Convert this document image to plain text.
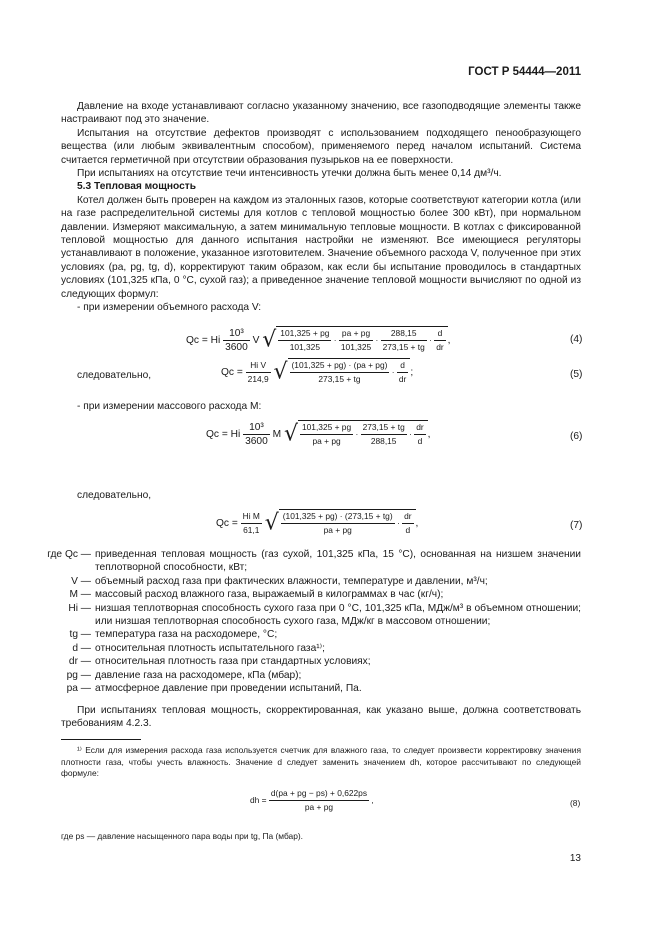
ГОСТ Р 54444—2011

Давление на входе устанавливают согласно указанному значению, все газоподводящие элементы также настраивают под это значение.

Испытания на отсутствие дефектов производят с использованием подходящего пенообразующего вещества (или любым эквивалентным способом), применяемого перед началом испытаний. Система считается герметичной при отсутствии образования пузырьков на ее поверхности.

При испытаниях на отсутствие течи интенсивность утечки должна быть менее 0,14 дм³/ч.

5.3 Тепловая мощность

Котел должен быть проверен на каждом из эталонных газов, которые соответствуют категории котла (или на газе распределительной системы для котлов с тепловой мощностью более 300 кВт), при нормальном давлении. Измеряют максимальную, а затем минимальную тепловые мощности. В котлах с фиксированной тепловой мощностью для данного испытания настройки не изменяют. Все имеющиеся регуляторы устанавливают в положение, указанное изготовителем. Значение объемного расхода V, полученное при этих условиях (pa, pg, tg, d), корректируют таким образом, как если бы испытание проводилось в стандартных условиях (101,325 кПа, 0 °С, сухой газ); а приведенное значение тепловой мощности вычисляют по одной из следующих формул:

- при измерении объемного расхода V:

Qc = Hi $\frac{\text{10³}}{3600}$ V √ $\frac{101,325 + pg}{101,325} \cdot \frac{pa + pg}{101,325} \cdot \frac{288,15}{273,15 + tg} \cdot \frac{d}{dr}$ ,	(4)
следовательно,	$Qc = \frac{\text{Hi V}}{214,9}$ √ $\frac{(101,325 + pg) \cdot (pa + pg)}{273,15 + tg} \cdot \frac{d}{dr}$ ;	(5)
- при измерении массового расхода M:
Qc = Hi $\frac{\text{10³}}{3600}$ M √ $\frac{101,325 + pg}{pa + pg} \cdot \frac{273,15 + tg}{288,15} \cdot \frac{dr}{d}$ ,	(6)
следовательно,
$Qc = \frac{\text{Hi M}}{61,1}$ √ $\frac{(101,325 + pg) \cdot (273,15 + tg)}{pa + pg} \cdot \frac{dr}{d}$ ,	(7)
где Qc — приведенная тепловая мощность (газ сухой, 101,325 кПа, 15 °С), основанная на низшем значении теплотворной способности, кВт;
V — объемный расход газа при фактических влажности, температуре и давлении, м³/ч;
M — массовый расход влажного газа, выражаемый в килограммах в час (кг/ч);
Hi — низшая теплотворная способность сухого газа при 0 °С, 101,325 кПа, МДж/м³ в объемном отношении; или низшая теплотворная способность сухого газа, МДж/кг в массовом отношении;
tg — температура газа на расходомере, °С;
d — относительная плотность испытательного газа¹⁾;
dr — относительная плотность газа при стандартных условиях;
pg — давление газа на расходомере, кПа (мбар);
pa — атмосферное давление при проведении испытаний, Па.

При испытаниях тепловая мощность, скорректированная, как указано выше, должна соответствовать требованиям 4.2.3.

¹⁾ Если для измерения расхода газа используется счетчик для влажного газа, то следует произвести корректировку значения плотности газа, чтобы учесть влажность. Значение d следует заменить значением dh, которое рассчитывают по следующей формуле:
dh = $\frac{d(pa + pg - ps) + 0,622ps}{pa + pg}$ ,	(8)
где ps — давление насыщенного пара воды при tg, Па (мбар).
13
